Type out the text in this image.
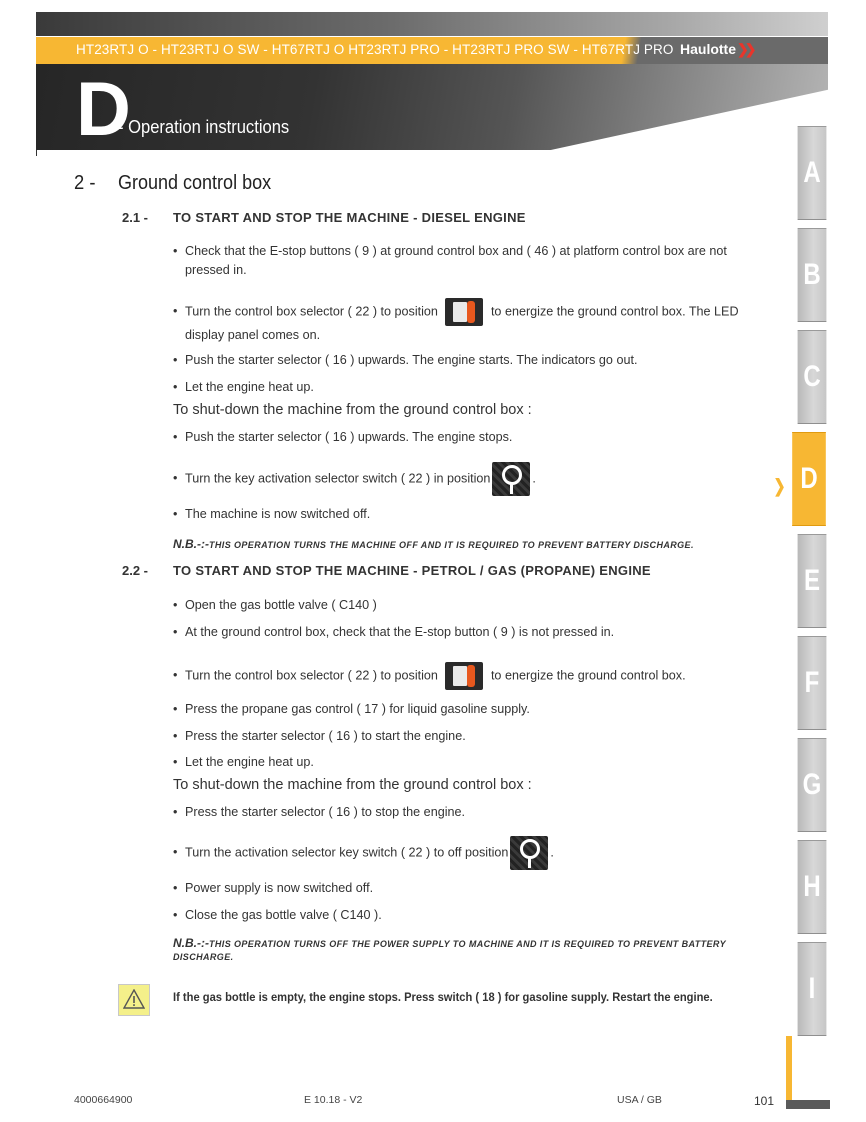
HT23RTJ O - HT23RTJ O SW - HT67RTJ O HT23RTJ PRO - HT23RTJ PRO SW - HT67RTJ PRO Haulotte❯❯
D
- Operation instructions
A
B
C
D
E
F
G
H
I
❯
2 - Ground control box
2.1 - TO START AND STOP THE MACHINE - DIESEL ENGINE
• Check that the E-stop buttons ( 9 ) at ground control box and ( 46 ) at platform control box are not
pressed in.
• Turn the control box selector ( 22 ) to position	to energize the ground control box. The LED
display panel comes on.
• Push the starter selector ( 16 ) upwards. The engine starts. The indicators go out.
• Let the engine heat up.
To shut-down the machine from the ground control box :
• Push the starter selector ( 16 ) upwards. The engine stops.
• Turn the key activation selector switch ( 22 ) in position	.
• The machine is now switched off.
N.B.-:-THIS OPERATION TURNS THE MACHINE OFF AND IT IS REQUIRED TO PREVENT BATTERY DISCHARGE.
2.2 - TO START AND STOP THE MACHINE - PETROL / GAS (PROPANE) ENGINE
• Open the gas bottle valve ( C140 )
• At the ground control box, check that the E-stop button ( 9 ) is not pressed in.
• Turn the control box selector ( 22 ) to position	to energize the ground control box.
• Press the propane gas control ( 17 ) for liquid gasoline supply.
• Press the starter selector ( 16 ) to start the engine.
• Let the engine heat up.
To shut-down the machine from the ground control box :
• Press the starter selector ( 16 ) to stop the engine.
• Turn the activation selector key switch ( 22 ) to off position	.
• Power supply is now switched off.
• Close the gas bottle valve ( C140 ).
N.B.-:-THIS OPERATION TURNS OFF THE POWER SUPPLY TO MACHINE AND IT IS REQUIRED TO PREVENT BATTERY DISCHARGE.
If the gas bottle is empty, the engine stops. Press switch ( 18 ) for gasoline supply. Restart the engine.
4000664900	E 10.18 - V2	USA / GB	101
